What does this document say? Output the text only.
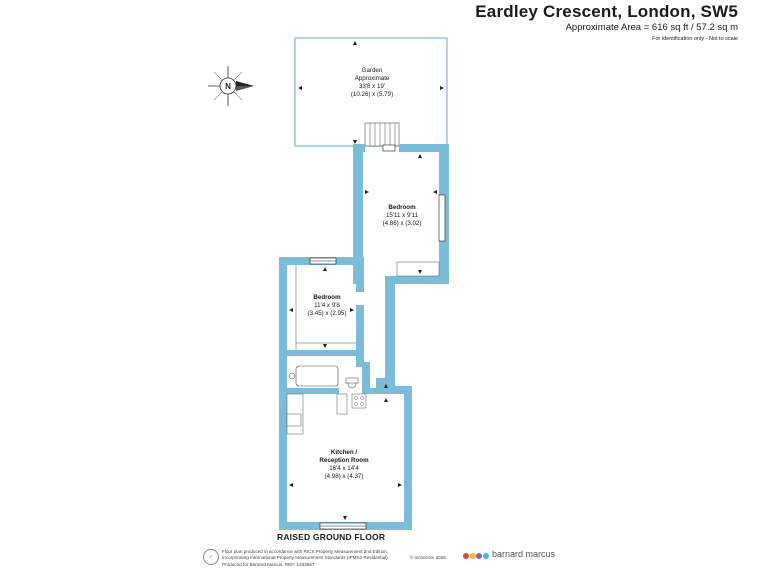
Eardley Crescent, London, SW5
Approximate Area = 616 sq ft / 57.2 sq m
For identification only - Not to scale
N
Garden
Approximate
33'8 x 19'
(10.26) x (5.79)
Bedroom
15'11 x 9'11
(4.86) x (3.02)
Bedroom
11'4 x 9'8
(3.45) x (2.95)
Kitchen /
Reception Room
16'4 x 14'4
(4.98) x (4.37)
RAISED GROUND FLOOR
✓
Floor plan produced in accordance with RICS Property Measurement 2nd Edition,
Incorporating International Property Measurement Standards (IPMS2 Residential).
Produced for Barnard Marcus. REF: 1333667
© nichecom 2025.	barnard marcus
